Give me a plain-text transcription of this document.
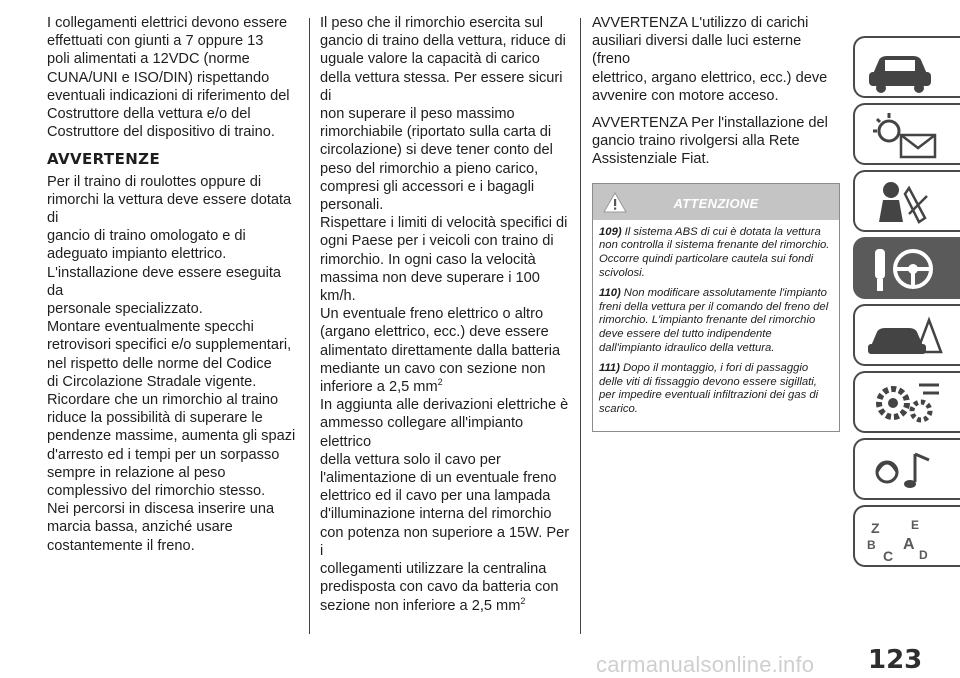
I collegamenti elettrici devono essere
effettuati con giunti a 7 oppure 13
poli alimentati a 12VDC (norme
CUNA/UNI e ISO/DIN) rispettando
eventuali indicazioni di riferimento del
Costruttore della vettura e/o del
Costruttore del dispositivo di traino.

AVVERTENZE

Per il traino di roulottes oppure di
rimorchi la vettura deve essere dotata di
gancio di traino omologato e di
adeguato impianto elettrico.
L'installazione deve essere eseguita da
personale specializzato.
Montare eventualmente specchi
retrovisori specifici e/o supplementari,
nel rispetto delle norme del Codice
di Circolazione Stradale vigente.
Ricordare che un rimorchio al traino
riduce la possibilità di superare le
pendenze massime, aumenta gli spazi
d'arresto ed i tempi per un sorpasso
sempre in relazione al peso
complessivo del rimorchio stesso.
Nei percorsi in discesa inserire una
marcia bassa, anziché usare
costantemente il freno.

Il peso che il rimorchio esercita sul
gancio di traino della vettura, riduce di
uguale valore la capacità di carico
della vettura stessa. Per essere sicuri di
non superare il peso massimo
rimorchiabile (riportato sulla carta di
circolazione) si deve tener conto del
peso del rimorchio a pieno carico,
compresi gli accessori e i bagagli
personali.
Rispettare i limiti di velocità specifici di
ogni Paese per i veicoli con traino di
rimorchio. In ogni caso la velocità
massima non deve superare i 100
km/h.
Un eventuale freno elettrico o altro
(argano elettrico, ecc.) deve essere
alimentato direttamente dalla batteria
mediante un cavo con sezione non
inferiore a 2,5 $mm^2$

In aggiunta alle derivazioni elettriche è
ammesso collegare all'impianto elettrico
della vettura solo il cavo per
l'alimentazione di un eventuale freno
elettrico ed il cavo per una lampada
d'illuminazione interna del rimorchio
con potenza non superiore a 15W. Per i
collegamenti utilizzare la centralina
predisposta con cavo da batteria con
sezione non inferiore a 2,5 $mm^2$

AVVERTENZA L'utilizzo di carichi
ausiliari diversi dalle luci esterne (freno
elettrico, argano elettrico, ecc.) deve
avvenire con motore acceso.

AVVERTENZA Per l'installazione del
gancio traino rivolgersi alla Rete
Assistenziale Fiat.

ATTENZIONE

109) Il sistema ABS di cui è dotata la vettura non controlla il sistema frenante del rimorchio. Occorre quindi particolare cautela sui fondi scivolosi.

110) Non modificare assolutamente l'impianto freni della vettura per il comando del freno del rimorchio. L'impianto frenante del rimorchio deve essere del tutto indipendente dall'impianto idraulico della vettura.

111) Dopo il montaggio, i fori di passaggio delle viti di fissaggio devono essere sigillati, per impedire eventuali infiltrazioni dei gas di scarico.

Z	E
B A
C D
carmanualsonline.info 123
